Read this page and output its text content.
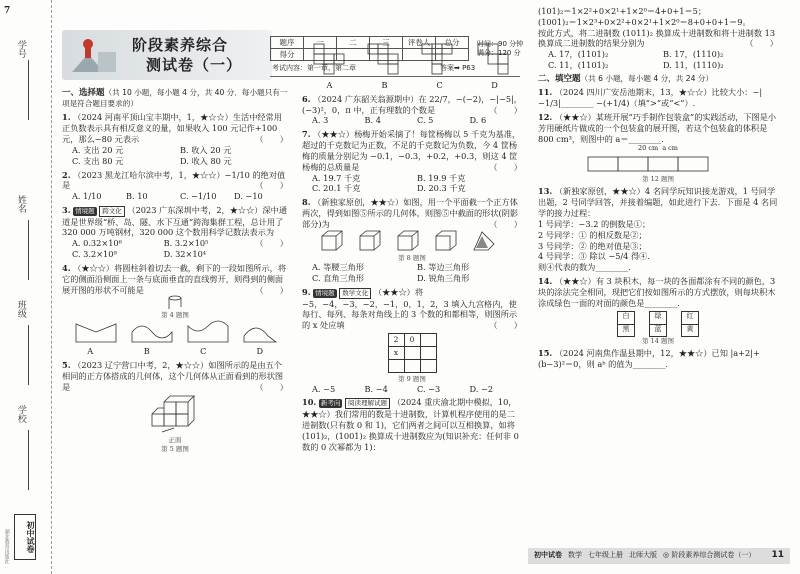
7
学号
姓名
班级
学校
初中试卷
湖北教育出版社
阶段素养综合
测试卷（一）
题序	一	二	三	评卷人	总分
得分					
时间：90 分钟
满分：120 分
考试内容：第一章、第二章	答案➡ P63
一、选择题（共 10 小题，每小题 4 分，共 40 分．每小题只有一项是符合题目要求的）
1. （2024 河南平顶山宝丰期中，1，★☆☆）生活中经常用正负数表示具有相反意义的量，如果收入 100 元记作+100 元，那么−80 元表示	（　　）
A. 支出 20 元	B. 收入 20 元
C. 支出 80 元	D. 收入 80 元
2. （2023 黑龙江哈尔滨中考，1，★☆☆）−1/10 的绝对值是	（　　）
A. 1/10	B. 10	C. −1/10	D. −10
3. 情境题 跨文化 （2023 广东深圳中考，2，★☆☆）深中通道是世界级“桥、岛、隧、水下互通”跨海集群工程，总计用了 320 000 万吨钢材，320 000 这个数用科学记数法表示为
（　　）
A. 0.32×10⁶	B. 3.2×10⁵
C. 3.2×10⁹	D. 32×10⁴
4. （★☆☆）将圆柱斜着切去一截，剩下的一段如图所示，将它的侧面沿侧面上一条与底面垂直的直线剪开，则得到的侧面展开图的形状不可能是	（　　）
第 4 题图
A	B	C	D
5. （2023 辽宁营口中考，2，★☆☆）如图所示的是由五个相同的正方体搭成的几何体，这个几何体从正面看到的形状图是	（　　）
正面
第 5 题图
A	B	C	D
6. （2024 广东韶关翁源期中）在 22/7，−(−2)，−|−5|，(−3)²，0，π 中，正有理数的个数是	（　　）
A. 3	B. 4	C. 5	D. 6
7. （★★☆）杨梅开始采摘了！每筐杨梅以 5 千克为基准，超过的千克数记为正数，不足的千克数记为负数，今 4 筐杨梅的质量分别记为 −0.1，−0.3，+0.2，+0.3，则这 4 筐杨梅的总质量是	（　　）
A. 19.7 千克	B. 19.9 千克
C. 20.1 千克	D. 20.3 千克
8. （新独家原创，★★☆）如图，用一个平面截一个正方体两次，得到如图⑤所示的几何体，则图⑤中截面的形状(阴影部分)为	（　　）
第 8 题图
A. 等腰三角形	B. 等边三角形
C. 直角三角形	D. 锐角三角形
9. 情境题 数学文化 （★★☆）将 −5，−4，−3，−2，−1，0，1，2，3 填入九宫格内，使每行、每列、每条对角线上的 3 个数的和都相等，则图所示的 x 处应填	（　　）
2	0	
x		

第 9 题图
A. −5	B. −4	C. −3	D. −2
10. 新考向 阅读理解试题 （2024 重庆渝北期中模拟，10，★★☆）我们常用的数是十进制数，计算机程序使用的是二进制数(只有数 0 和 1)，它们两者之间可以互相换算，如将 (101)₂，(1001)₂ 换算成十进制数应为(知识补充：任何非 0 数的 0 次幂都为 1)：
(101)₂＝1×2²+0×2¹+1×2⁰＝4+0+1＝5；
(1001)₂＝1×2³+0×2²+0×2¹+1×2⁰＝8+0+0+1＝9。
按此方式，将二进制数 (1011)₂ 换算成十进制数和将十进制数 13 换算成二进制数的结果分别为	（　　）
A. 17，(1101)₂	B. 17，(1110)₂
C. 11，(1101)₂	D. 11，(1110)₂
二、填空题（共 6 小题，每小题 4 分，共 24 分）
11. （2024 四川广安岳池期末，13，★☆☆）比较大小：−|−1/3|________ −(+1/4)（填“>”或“<”）.
12. （★★☆）某班开展“巧手制作包装盒”的实践活动，下图是小芳用硬纸片做成的一个包装盒的展开图，若这个包装盒的体积是 800 cm³，则图中的 a＝________．
20 cm a cm
第 12 题图
13. （新独家原创，★★☆）4 名同学玩知识接龙游戏，1 号同学出题，2 号同学回答，并接着编题，如此进行下去．下面是 4 名同学的接力过程：
1 号同学：−3.2 的倒数是①；
2 号同学：① 的相反数是②；
3 号同学：② 的绝对值是③；
4 号同学：③ 除以 −5/4 得④．
则④代表的数为________．
14. （★★☆）有 3 块积木，每一块的各面都涂有不同的颜色，3 块的涂法完全相同，现把它们按如图所示的方式摆放，则每块积木涂成绿色一面的对面的颜色是________．
白
黑
绿
蓝
红
黄
第 14 题图
15. （2024 河南焦作温县期中，12，★★☆）已知 |a+2|+(b−3)²＝0，则 aᵇ 的值为________．
初中试卷 数学 七年级上册 北师大版 ◎ 阶段素养综合测试卷（一） 11
